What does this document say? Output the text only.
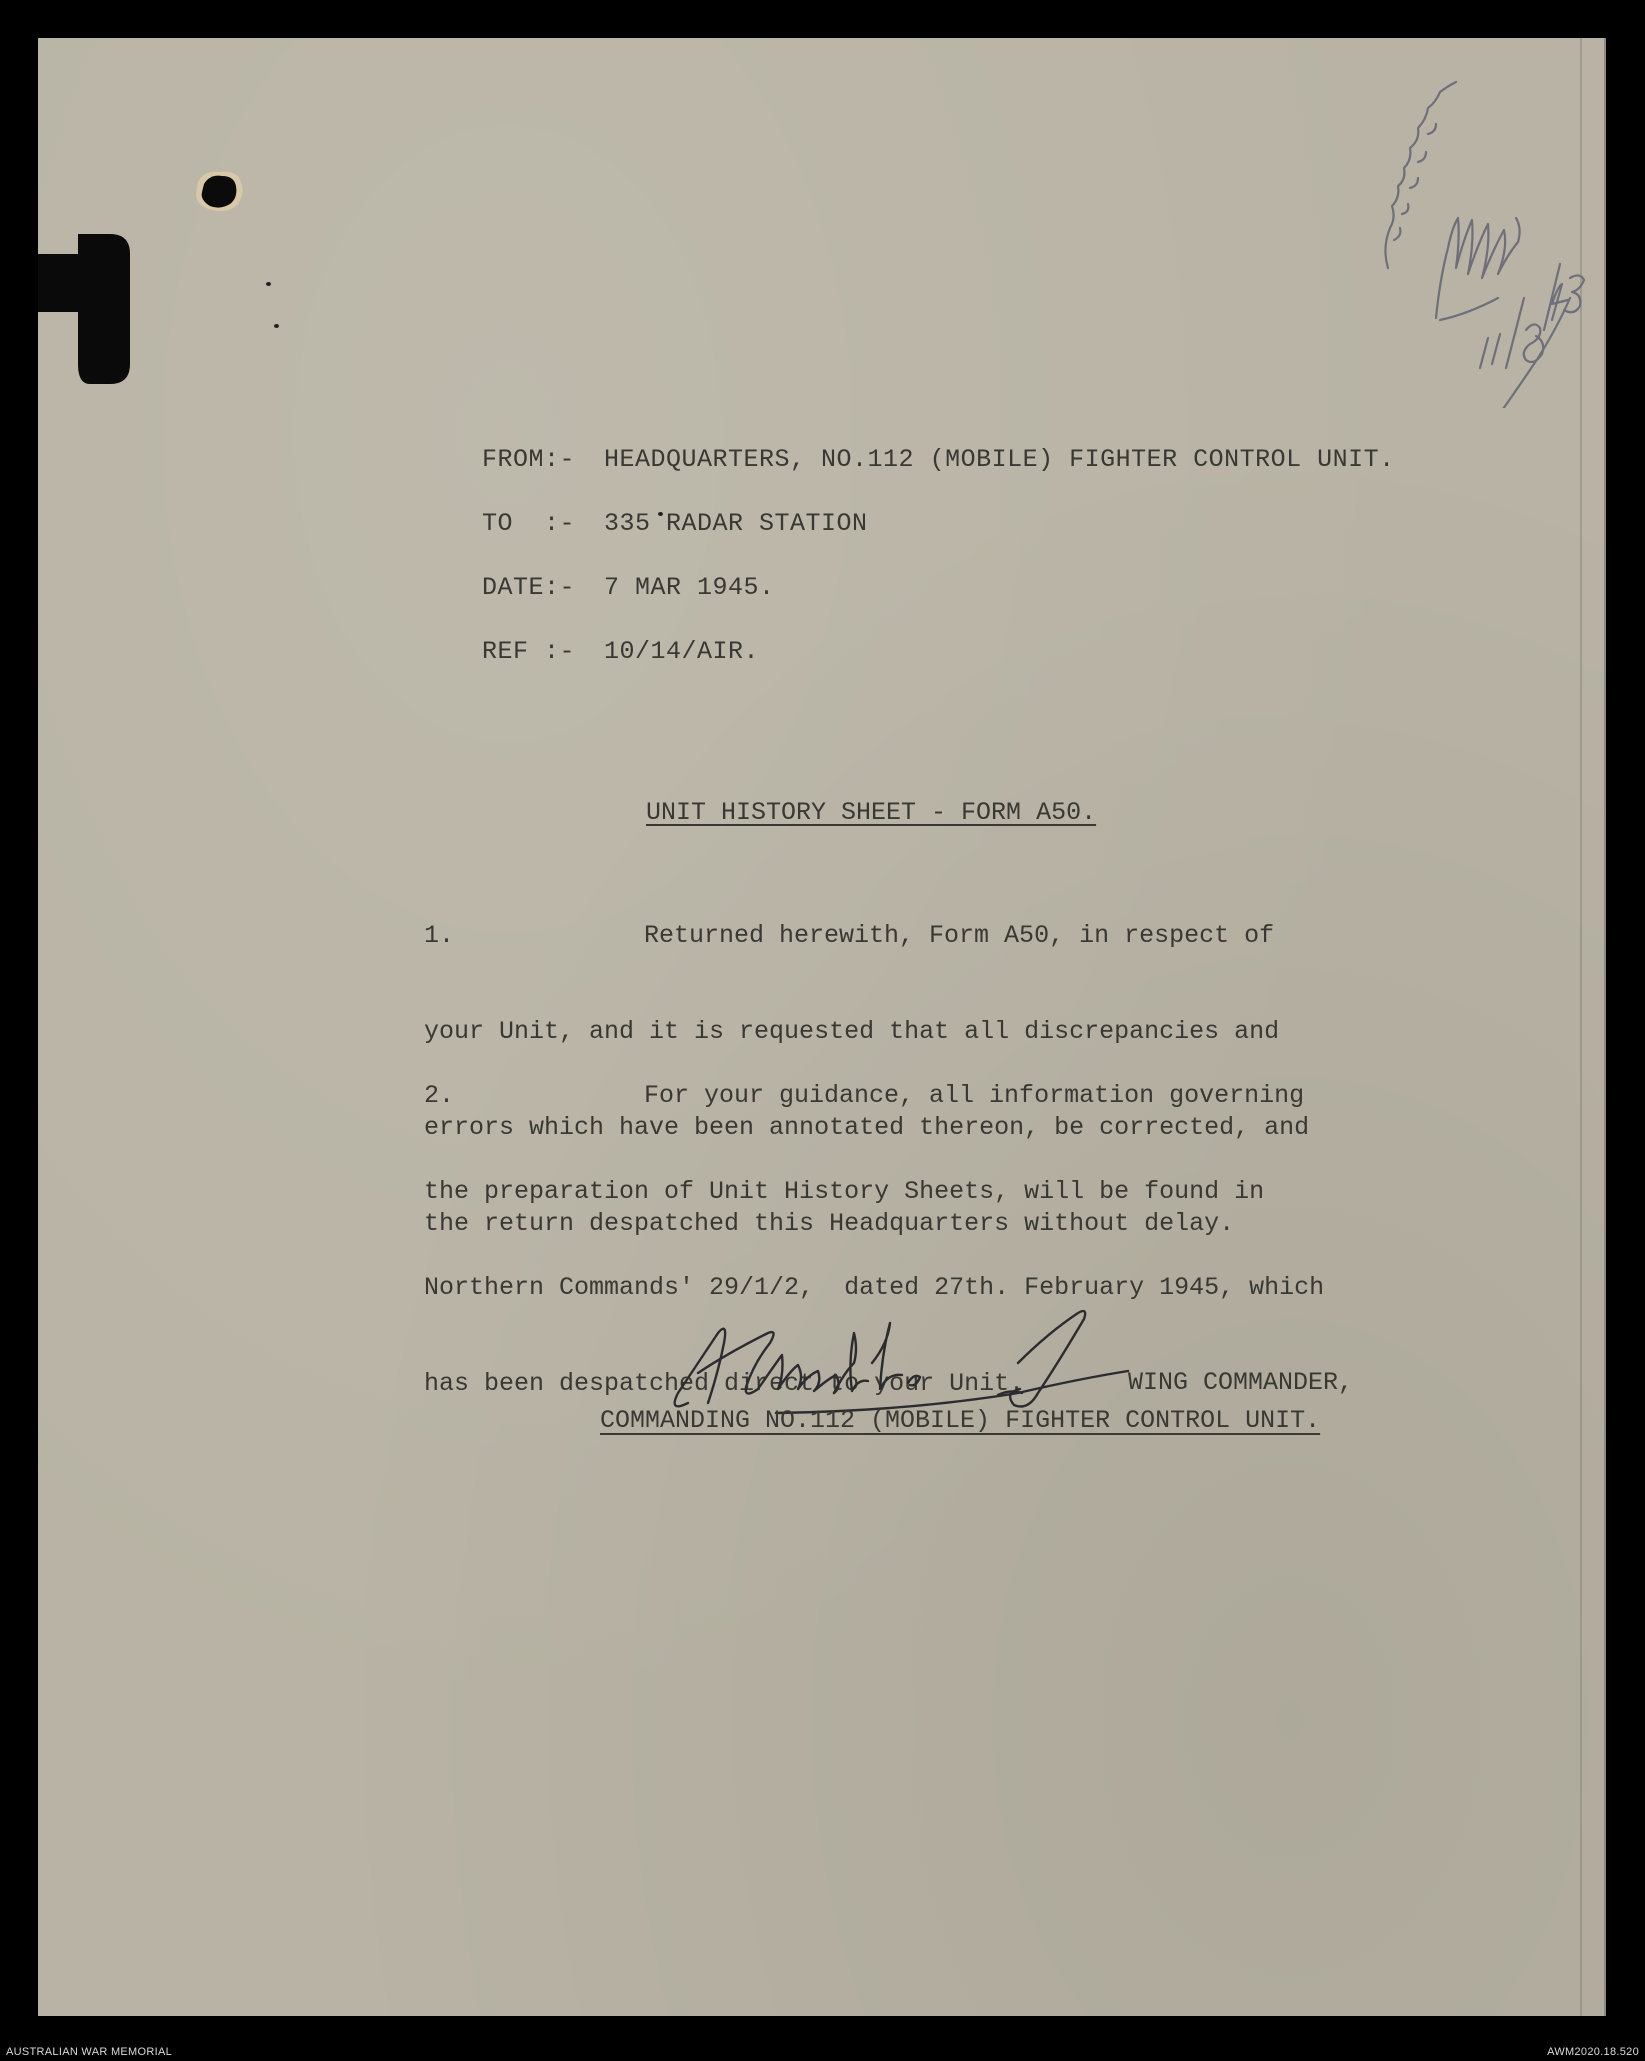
FROM:- HEADQUARTERS, NO.112 (MOBILE) FIGHTER CONTROL UNIT.

TO :- 335 RADAR STATION

DATE:- 7 MAR 1945.

REF :- 10/14/AIR.

UNIT HISTORY SHEET - FORM A50.

1.	Returned herewith, Form A50, in respect of

your Unit, and it is requested that all discrepancies and

errors which have been annotated thereon, be corrected, and

the return despatched this Headquarters without delay.

2.	For your guidance, all information governing

the preparation of Unit History Sheets, will be found in

Northern Commands' 29/1/2,  dated 27th. February 1945, which

has been despatched direct to your Unit.

	WING COMMANDER,
COMMANDING NO.112 (MOBILE) FIGHTER CONTROL UNIT.
AUSTRALIAN WAR MEMORIAL	AWM2020.18.520
